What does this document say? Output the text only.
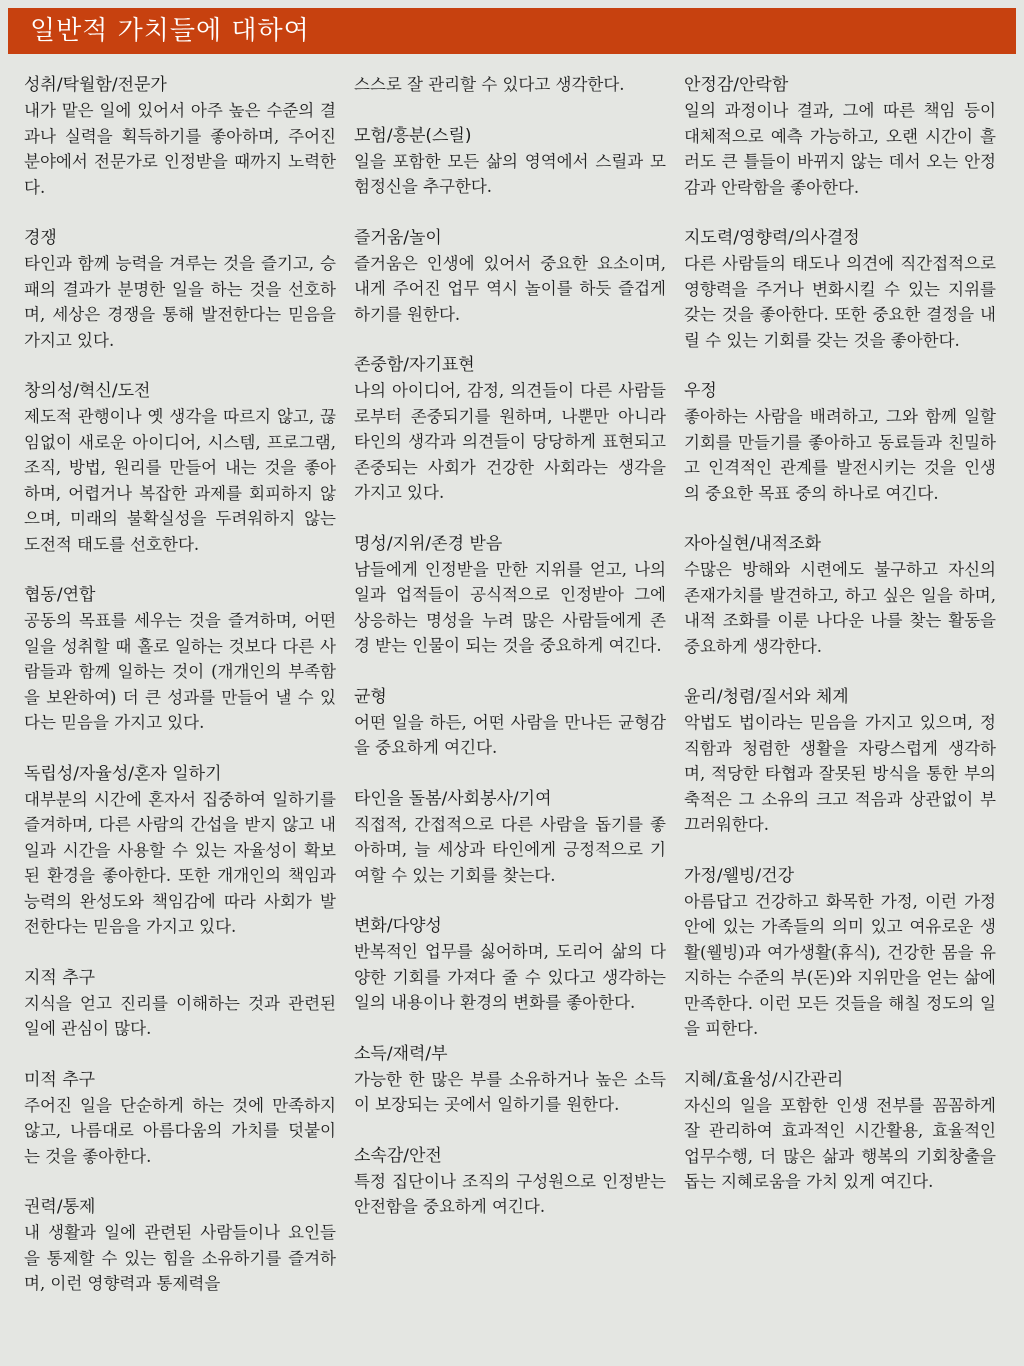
일반적 가치들에 대하여

성취/탁월함/전문가

내가 맡은 일에 있어서 아주 높은 수준의 결과나 실력을 획득하기를 좋아하며, 주어진 분야에서 전문가로 인정받을 때까지 노력한다.

경쟁

타인과 함께 능력을 겨루는 것을 즐기고, 승패의 결과가 분명한 일을 하는 것을 선호하며, 세상은 경쟁을 통해 발전한다는 믿음을 가지고 있다.

창의성/혁신/도전

제도적 관행이나 옛 생각을 따르지 않고, 끊임없이 새로운 아이디어, 시스템, 프로그램, 조직, 방법, 원리를 만들어 내는 것을 좋아하며, 어렵거나 복잡한 과제를 회피하지 않으며, 미래의 불확실성을 두려워하지 않는 도전적 태도를 선호한다.

협동/연합

공동의 목표를 세우는 것을 즐겨하며, 어떤 일을 성취할 때 홀로 일하는 것보다 다른 사람들과 함께 일하는 것이 (개개인의 부족함을 보완하여) 더 큰 성과를 만들어 낼 수 있다는 믿음을 가지고 있다.

독립성/자율성/혼자 일하기

대부분의 시간에 혼자서 집중하여 일하기를 즐겨하며, 다른 사람의 간섭을 받지 않고 내 일과 시간을 사용할 수 있는 자율성이 확보된 환경을 좋아한다. 또한 개개인의 책임과 능력의 완성도와 책임감에 따라 사회가 발전한다는 믿음을 가지고 있다.

지적 추구

지식을 얻고 진리를 이해하는 것과 관련된 일에 관심이 많다.

미적 추구

주어진 일을 단순하게 하는 것에 만족하지 않고, 나름대로 아름다움의 가치를 덧붙이는 것을 좋아한다.

권력/통제

내 생활과 일에 관련된 사람들이나 요인들을 통제할 수 있는 힘을 소유하기를 즐겨하며, 이런 영향력과 통제력을

스스로 잘 관리할 수 있다고 생각한다.

모험/흥분(스릴)

일을 포함한 모든 삶의 영역에서 스릴과 모험정신을 추구한다.

즐거움/놀이

즐거움은 인생에 있어서 중요한 요소이며, 내게 주어진 업무 역시 놀이를 하듯 즐겁게 하기를 원한다.

존중함/자기표현

나의 아이디어, 감정, 의견들이 다른 사람들로부터 존중되기를 원하며, 나뿐만 아니라 타인의 생각과 의견들이 당당하게 표현되고 존중되는 사회가 건강한 사회라는 생각을 가지고 있다.

명성/지위/존경 받음

남들에게 인정받을 만한 지위를 얻고, 나의 일과 업적들이 공식적으로 인정받아 그에 상응하는 명성을 누려 많은 사람들에게 존경 받는 인물이 되는 것을 중요하게 여긴다.

균형

어떤 일을 하든, 어떤 사람을 만나든 균형감을 중요하게 여긴다.

타인을 돌봄/사회봉사/기여

직접적, 간접적으로 다른 사람을 돕기를 좋아하며, 늘 세상과 타인에게 긍정적으로 기여할 수 있는 기회를 찾는다.

변화/다양성

반복적인 업무를 싫어하며, 도리어 삶의 다양한 기회를 가져다 줄 수 있다고 생각하는 일의 내용이나 환경의 변화를 좋아한다.

소득/재력/부

가능한 한 많은 부를 소유하거나 높은 소득이 보장되는 곳에서 일하기를 원한다.

소속감/안전

특정 집단이나 조직의 구성원으로 인정받는 안전함을 중요하게 여긴다.

안정감/안락함

일의 과정이나 결과, 그에 따른 책임 등이 대체적으로 예측 가능하고, 오랜 시간이 흘러도 큰 틀들이 바뀌지 않는 데서 오는 안정감과 안락함을 좋아한다.

지도력/영향력/의사결정

다른 사람들의 태도나 의견에 직간접적으로 영향력을 주거나 변화시킬 수 있는 지위를 갖는 것을 좋아한다. 또한 중요한 결정을 내릴 수 있는 기회를 갖는 것을 좋아한다.

우정

좋아하는 사람을 배려하고, 그와 함께 일할 기회를 만들기를 좋아하고 동료들과 친밀하고 인격적인 관계를 발전시키는 것을 인생의 중요한 목표 중의 하나로 여긴다.

자아실현/내적조화

수많은 방해와 시련에도 불구하고 자신의 존재가치를 발견하고, 하고 싶은 일을 하며, 내적 조화를 이룬 나다운 나를 찾는 활동을 중요하게 생각한다.

윤리/청렴/질서와 체계

악법도 법이라는 믿음을 가지고 있으며, 정직함과 청렴한 생활을 자랑스럽게 생각하며, 적당한 타협과 잘못된 방식을 통한 부의 축적은 그 소유의 크고 적음과 상관없이 부끄러워한다.

가정/웰빙/건강

아름답고 건강하고 화목한 가정, 이런 가정 안에 있는 가족들의 의미 있고 여유로운 생활(웰빙)과 여가생활(휴식), 건강한 몸을 유지하는 수준의 부(돈)와 지위만을 얻는 삶에 만족한다. 이런 모든 것들을 해칠 정도의 일을 피한다.

지혜/효율성/시간관리

자신의 일을 포함한 인생 전부를 꼼꼼하게 잘 관리하여 효과적인 시간활용, 효율적인 업무수행, 더 많은 삶과 행복의 기회창출을 돕는 지혜로움을 가치 있게 여긴다.
